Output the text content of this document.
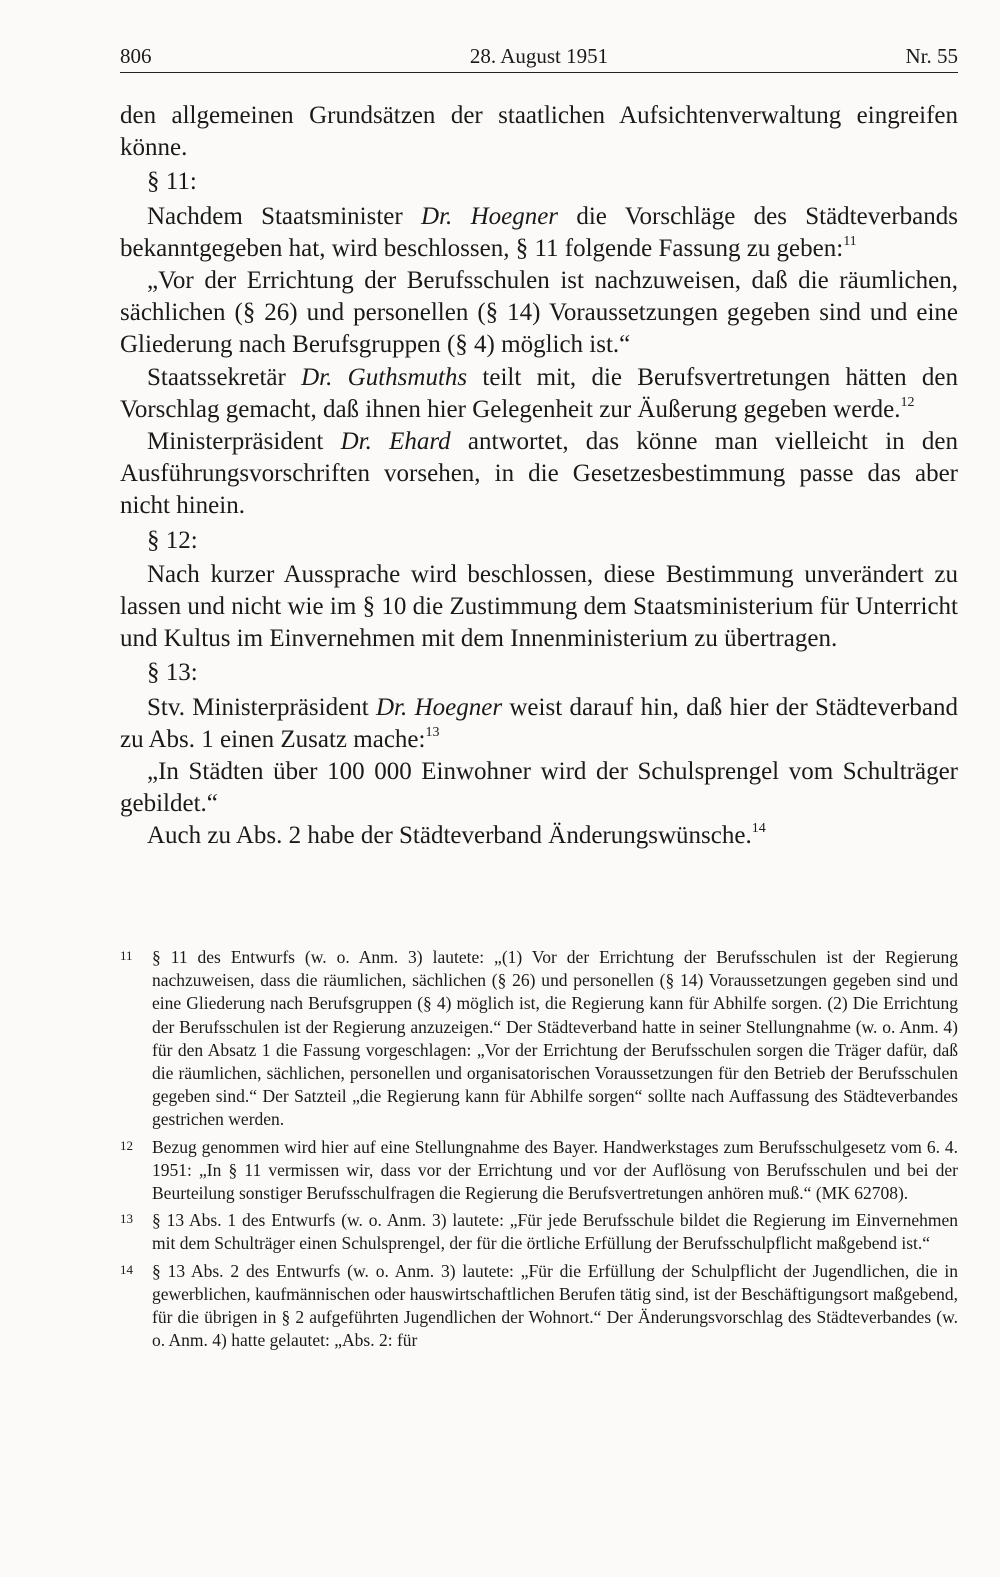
806	28. August 1951	Nr. 55

den allgemeinen Grundsätzen der staatlichen Aufsichtenverwaltung eingreifen könne.

§ 11:

Nachdem Staatsminister Dr. Hoegner die Vorschläge des Städteverbands bekanntgegeben hat, wird beschlossen, § 11 folgende Fassung zu geben:$^{11}$

„Vor der Errichtung der Berufsschulen ist nachzuweisen, daß die räumlichen, sächlichen (§ 26) und personellen (§ 14) Voraussetzungen gegeben sind und eine Gliederung nach Berufsgruppen (§ 4) möglich ist.“

Staatssekretär Dr. Guthsmuths teilt mit, die Berufsvertretungen hätten den Vorschlag gemacht, daß ihnen hier Gelegenheit zur Äußerung gegeben werde.$^{12}$

Ministerpräsident Dr. Ehard antwortet, das könne man vielleicht in den Ausführungsvorschriften vorsehen, in die Gesetzesbestimmung passe das aber nicht hinein.

§ 12:

Nach kurzer Aussprache wird beschlossen, diese Bestimmung unverändert zu lassen und nicht wie im § 10 die Zustimmung dem Staatsministerium für Unterricht und Kultus im Einvernehmen mit dem Innenministerium zu übertragen.

§ 13:

Stv. Ministerpräsident Dr. Hoegner weist darauf hin, daß hier der Städteverband zu Abs. 1 einen Zusatz mache:$^{13}$

„In Städten über 100 000 Einwohner wird der Schulsprengel vom Schulträger gebildet.“

Auch zu Abs. 2 habe der Städteverband Änderungswünsche.$^{14}$

11 § 11 des Entwurfs (w. o. Anm. 3) lautete: „(1) Vor der Errichtung der Berufsschulen ist der Regierung nachzuweisen, dass die räumlichen, sächlichen (§ 26) und personellen (§ 14) Voraussetzungen gegeben sind und eine Gliederung nach Berufsgruppen (§ 4) möglich ist, die Regierung kann für Abhilfe sorgen. (2) Die Errichtung der Berufsschulen ist der Regierung anzuzeigen.“ Der Städteverband hatte in seiner Stellungnahme (w. o. Anm. 4) für den Absatz 1 die Fassung vorgeschlagen: „Vor der Errichtung der Berufsschulen sorgen die Träger dafür, daß die räumlichen, sächlichen, personellen und organisatorischen Voraussetzungen für den Betrieb der Berufsschulen gegeben sind.“ Der Satzteil „die Regierung kann für Abhilfe sorgen“ sollte nach Auffassung des Städteverbandes gestrichen werden.
12 Bezug genommen wird hier auf eine Stellungnahme des Bayer. Handwerkstages zum Berufsschulgesetz vom 6. 4. 1951: „In § 11 vermissen wir, dass vor der Errichtung und vor der Auflösung von Berufsschulen und bei der Beurteilung sonstiger Berufsschulfragen die Regierung die Berufsvertretungen anhören muß.“ (MK 62708).
13 § 13 Abs. 1 des Entwurfs (w. o. Anm. 3) lautete: „Für jede Berufsschule bildet die Regierung im Einvernehmen mit dem Schulträger einen Schulsprengel, der für die örtliche Erfüllung der Berufsschulpflicht maßgebend ist.“
14 § 13 Abs. 2 des Entwurfs (w. o. Anm. 3) lautete: „Für die Erfüllung der Schulpflicht der Jugendlichen, die in gewerblichen, kaufmännischen oder hauswirtschaftlichen Berufen tätig sind, ist der Beschäftigungsort maßgebend, für die übrigen in § 2 aufgeführten Jugendlichen der Wohnort.“ Der Änderungsvorschlag des Städteverbandes (w. o. Anm. 4) hatte gelautet: „Abs. 2: für
